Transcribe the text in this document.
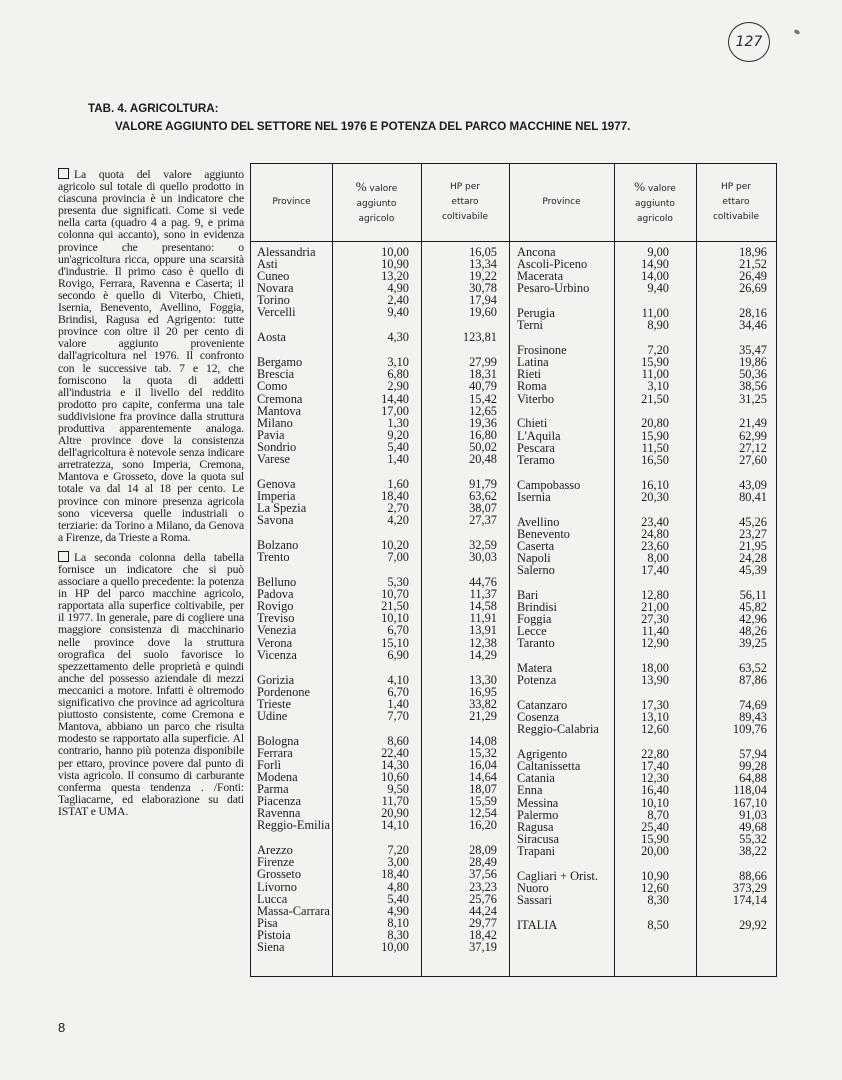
127
TAB. 4. AGRICOLTURA:
VALORE AGGIUNTO DEL SETTORE NEL 1976 E POTENZA DEL PARCO MACCHINE NEL 1977.

La quota del valore aggiunto agricolo sul totale di quello prodotto in ciascuna provincia è un indicatore che presenta due significati. Come si vede nella carta (quadro 4 a pag. 9, e prima colonna qui accanto), sono in evidenza province che presentano: o un'agricoltura ricca, oppure una scarsità d'industrie. Il primo caso è quello di Rovigo, Ferrara, Ravenna e Caserta; il secondo è quello di Viterbo, Chieti, Isernia, Benevento, Avellino, Foggia, Brindisi, Ragusa ed Agrigento: tutte province con oltre il 20 per cento di valore aggiunto proveniente dall'agricoltura nel 1976. Il confronto con le successive tab. 7 e 12, che forniscono la quota di addetti all'industria e il livello del reddito prodotto pro capite, conferma una tale suddivisione fra province dalla struttura produttiva apparentemente analoga. Altre province dove la consistenza dell'agricoltura è notevole senza indicare arretratezza, sono Imperia, Cremona, Mantova e Grosseto, dove la quota sul totale va dal 14 al 18 per cento. Le province con minore presenza agricola sono viceversa quelle industriali o terziarie: da Torino a Milano, da Genova a Firenze, da Trieste a Roma.

La seconda colonna della tabella fornisce un indicatore che si può associare a quello precedente: la potenza in HP del parco macchine agricolo, rapportata alla superfice coltivabile, per il 1977. In generale, pare di cogliere una maggiore consistenza di macchinario nelle province dove la struttura orografica del suolo favorisce lo spezzettamento delle proprietà e quindi anche del possesso aziendale di mezzi meccanici a motore. Infatti è oltremodo significativo che province ad agricoltura piuttosto consistente, come Cremona e Mantova, abbiano un parco che risulta modesto se rapportato alla superficie. Al contrario, hanno più potenza disponibile per ettaro, province povere dal punto di vista agricolo. Il consumo di carburante conferma questa tendenza . /Fonti: Tagliacarne, ed elaborazione su dati ISTAT e UMA.

Province
% valore
aggiunto
agricolo
HP per
ettaro
coltivabile
Province
% valore
aggiunto
agricolo
HP per
ettaro
coltivabile
Alessandria	10,00	16,05
Asti	10,90	13,34
Cuneo	13,20	19,22
Novara	4,90	30,78
Torino	2,40	17,94
Vercelli	9,40	19,60
Aosta	4,30	123,81
Bergamo	3,10	27,99
Brescia	6,80	18,31
Como	2,90	40,79
Cremona	14,40	15,42
Mantova	17,00	12,65
Milano	1,30	19,36
Pavia	9,20	16,80
Sondrio	5,40	50,02
Varese	1,40	20,48
Genova	1,60	91,79
Imperia	18,40	63,62
La Spezia	2,70	38,07
Savona	4,20	27,37
Bolzano	10,20	32,59
Trento	7,00	30,03
Belluno	5,30	44,76
Padova	10,70	11,37
Rovigo	21,50	14,58
Treviso	10,10	11,91
Venezia	6,70	13,91
Verona	15,10	12,38
Vicenza	6,90	14,29
Gorizia	4,10	13,30
Pordenone	6,70	16,95
Trieste	1,40	33,82
Udine	7,70	21,29
Bologna	8,60	14,08
Ferrara	22,40	15,32
Forlì	14,30	16,04
Modena	10,60	14,64
Parma	9,50	18,07
Piacenza	11,70	15,59
Ravenna	20,90	12,54
Reggio-Emilia	14,10	16,20
Arezzo	7,20	28,09
Firenze	3,00	28,49
Grosseto	18,40	37,56
Livorno	4,80	23,23
Lucca	5,40	25,76
Massa-Carrara	4,90	44,24
Pisa	8,10	29,77
Pistoia	8,30	18,42
Siena	10,00	37,19
Ancona	9,00	18,96
Ascoli-Piceno	14,90	21,52
Macerata	14,00	26,49
Pesaro-Urbino	9,40	26,69
Perugia	11,00	28,16
Terni	8,90	34,46
Frosinone	7,20	35,47
Latina	15,90	19,86
Rieti	11,00	50,36
Roma	3,10	38,56
Viterbo	21,50	31,25
Chieti	20,80	21,49
L'Aquila	15,90	62,99
Pescara	11,50	27,12
Teramo	16,50	27,60
Campobasso	16,10	43,09
Isernia	20,30	80,41
Avellino	23,40	45,26
Benevento	24,80	23,27
Caserta	23,60	21,95
Napoli	8,00	24,28
Salerno	17,40	45,39
Bari	12,80	56,11
Brindisi	21,00	45,82
Foggia	27,30	42,96
Lecce	11,40	48,26
Taranto	12,90	39,25
Matera	18,00	63,52
Potenza	13,90	87,86
Catanzaro	17,30	74,69
Cosenza	13,10	89,43
Reggio-Calabria	12,60	109,76
Agrigento	22,80	57,94
Caltanissetta	17,40	99,28
Catania	12,30	64,88
Enna	16,40	118,04
Messina	10,10	167,10
Palermo	8,70	91,03
Ragusa	25,40	49,68
Siracusa	15,90	55,32
Trapani	20,00	38,22
Cagliari + Orist.	10,90	88,66
Nuoro	12,60	373,29
Sassari	8,30	174,14
ITALIA	8,50	29,92
8
